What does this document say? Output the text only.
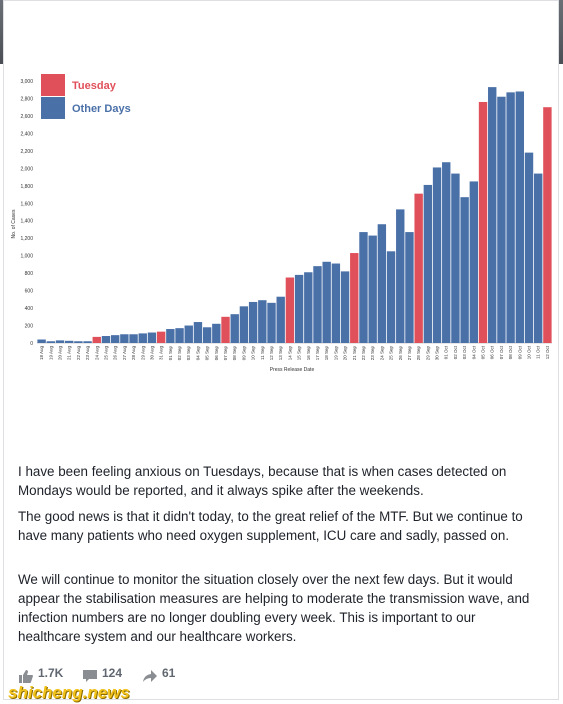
0
200
400
600
800
1,000
1,200
1,400
1,600
1,800
2,000
2,200
2,400
2,600
2,800
3,000
18 Aug 19 Aug 20 Aug 21 Aug 22 Aug 23 Aug 24 Aug 25 Aug 26 Aug 27 Aug 28 Aug 29 Aug 30 Aug 31 Aug 01 Sep 02 Sep 03 Sep 04 Sep 05 Sep 06 Sep 07 Sep 08 Sep 09 Sep 10 Sep 11 Sep 12 Sep 13 Sep 14 Sep 15 Sep 16 Sep 17 Sep 18 Sep 19 Sep 20 Sep 21 Sep 22 Sep 23 Sep 24 Sep 25 Sep 26 Sep 27 Sep 28 Sep 29 Sep 30 Sep 01 Oct 02 Oct 03 Oct 04 Oct 05 Oct 06 Oct 07 Oct 08 Oct 09 Oct 10 Oct 11 Oct 12 Oct
Tuesday
Other Days
No. of Cases
Press Release Date
I have been feeling anxious on Tuesdays, because that is when cases detected on Mondays would be reported, and it always spike after the weekends.
The good news is that it didn't today, to the great relief of the MTF. But we continue to have many patients who need oxygen supplement, ICU care and sadly, passed on.
We will continue to monitor the situation closely over the next few days. But it would appear the stabilisation measures are helping to moderate the transmission wave, and infection numbers are no longer doubling every week. This is important to our healthcare system and our healthcare workers.
1.7K	124	61
shicheng.news
